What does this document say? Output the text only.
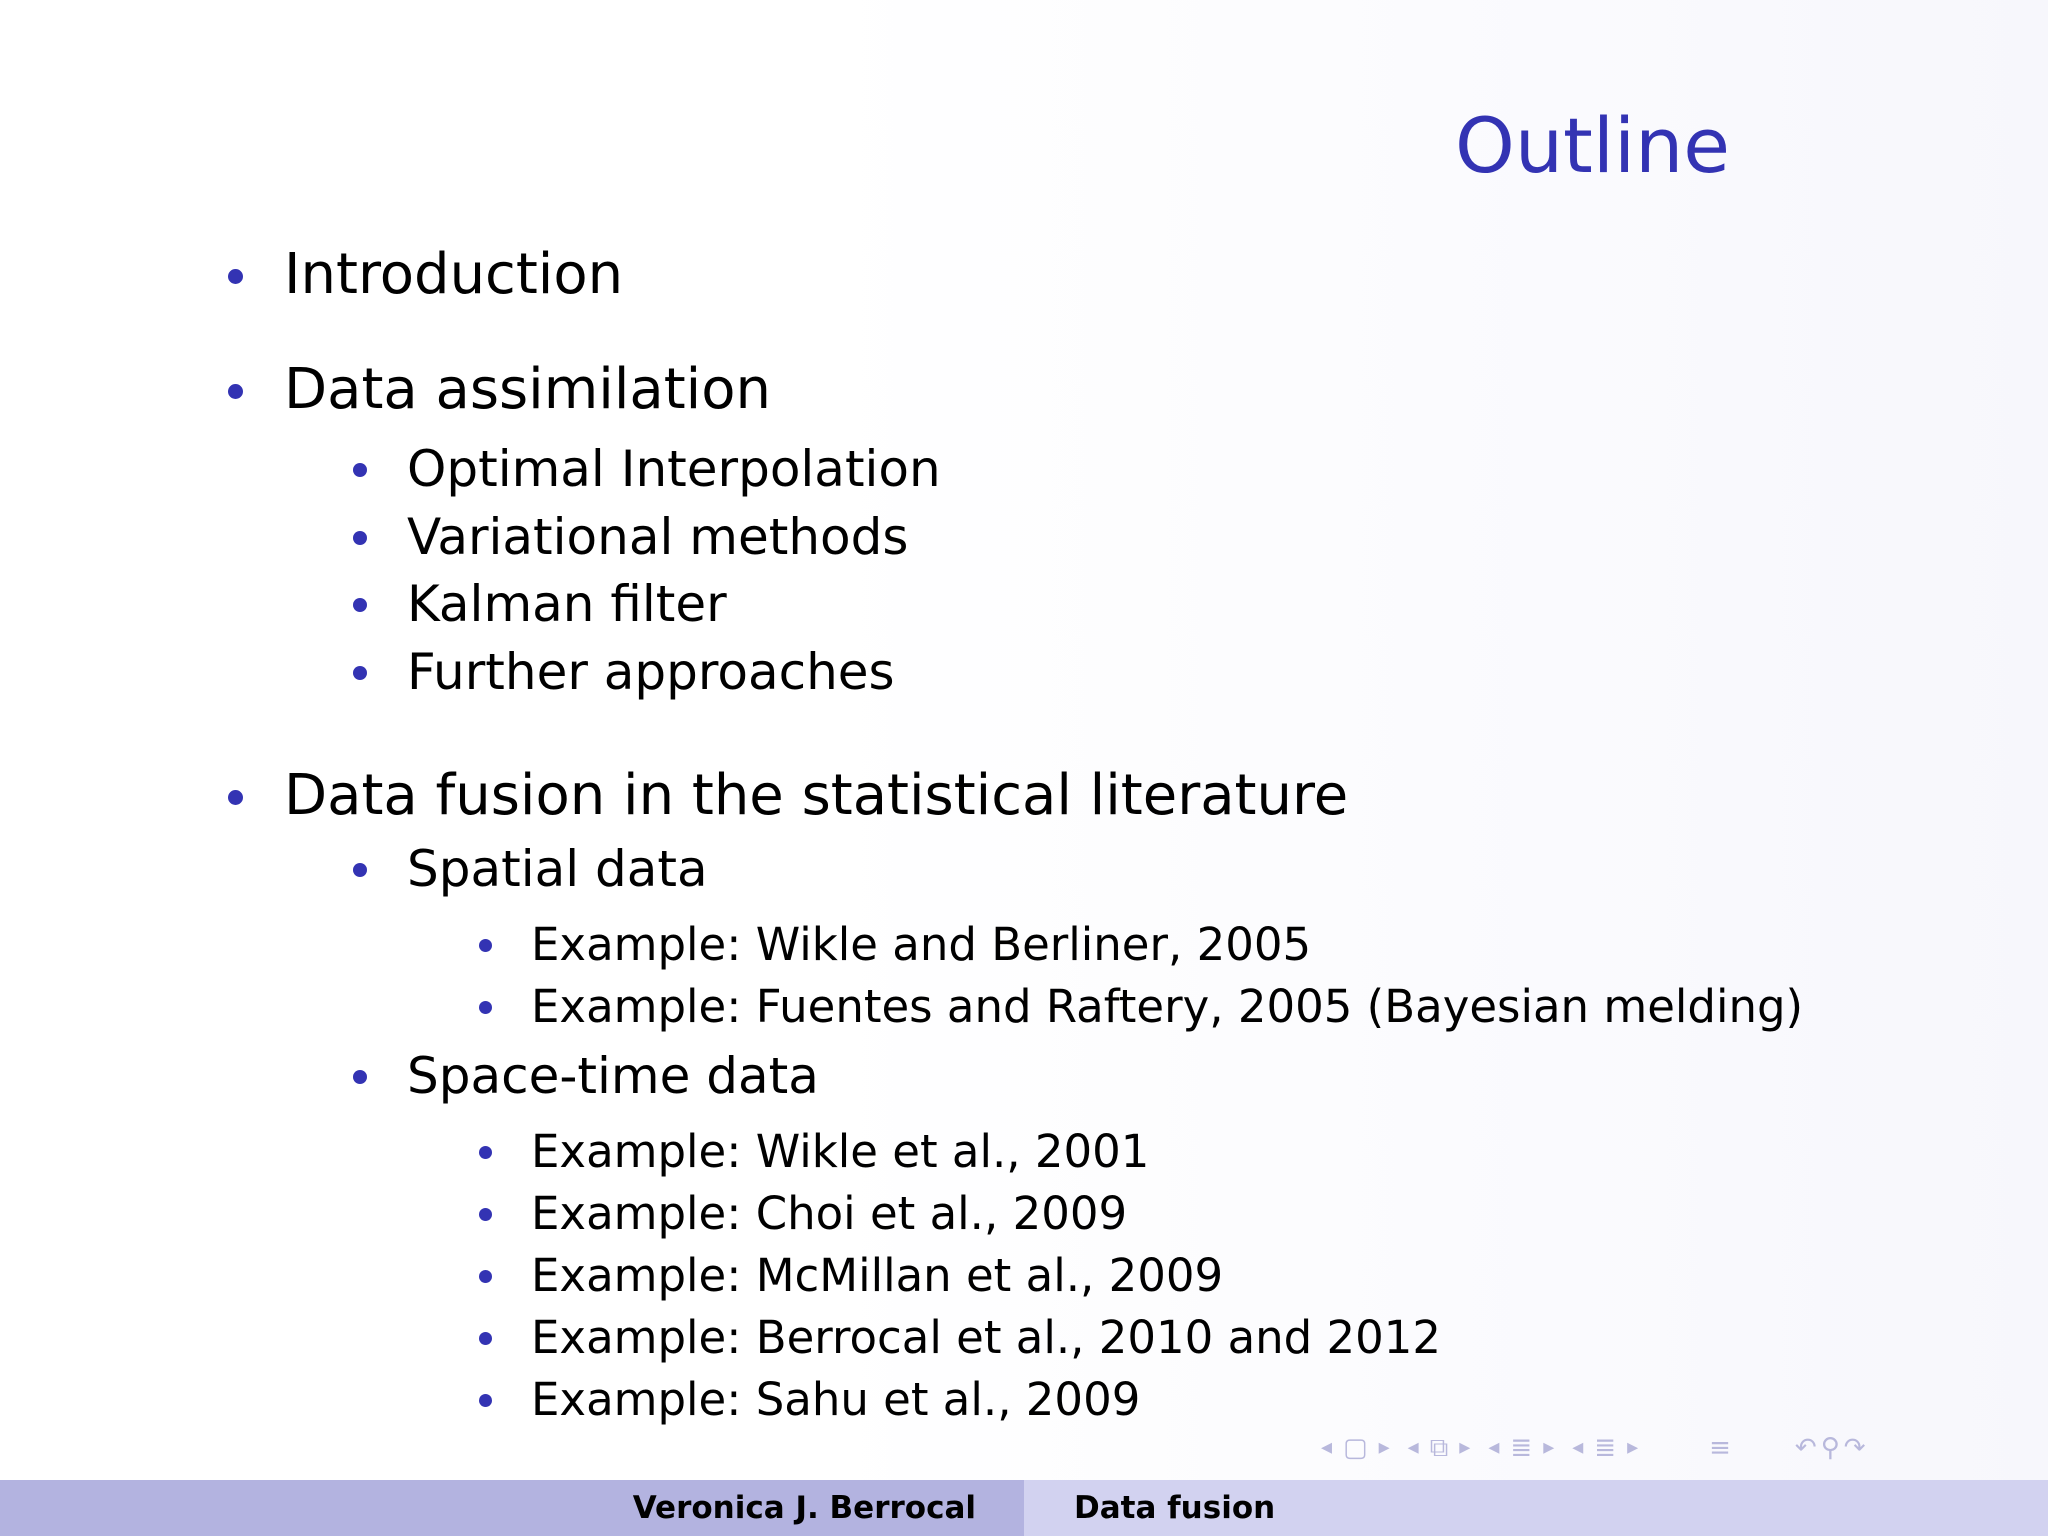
Outline
Introduction
Data assimilation
Optimal Interpolation
Variational methods
Kalman filter
Further approaches
Data fusion in the statistical literature
Spatial data
Example: Wikle and Berliner, 2005
Example: Fuentes and Raftery, 2005 (Bayesian melding)
Space-time data
Example: Wikle et al., 2001
Example: Choi et al., 2009
Example: McMillan et al., 2009
Example: Berrocal et al., 2010 and 2012
Example: Sahu et al., 2009
◂ ▢ ▸ ◂ ⧉ ▸ ◂ ≣ ▸ ◂ ≣ ▸	≡ ↶ ⚲ ↷
Veronica J. Berrocal	Data fusion
